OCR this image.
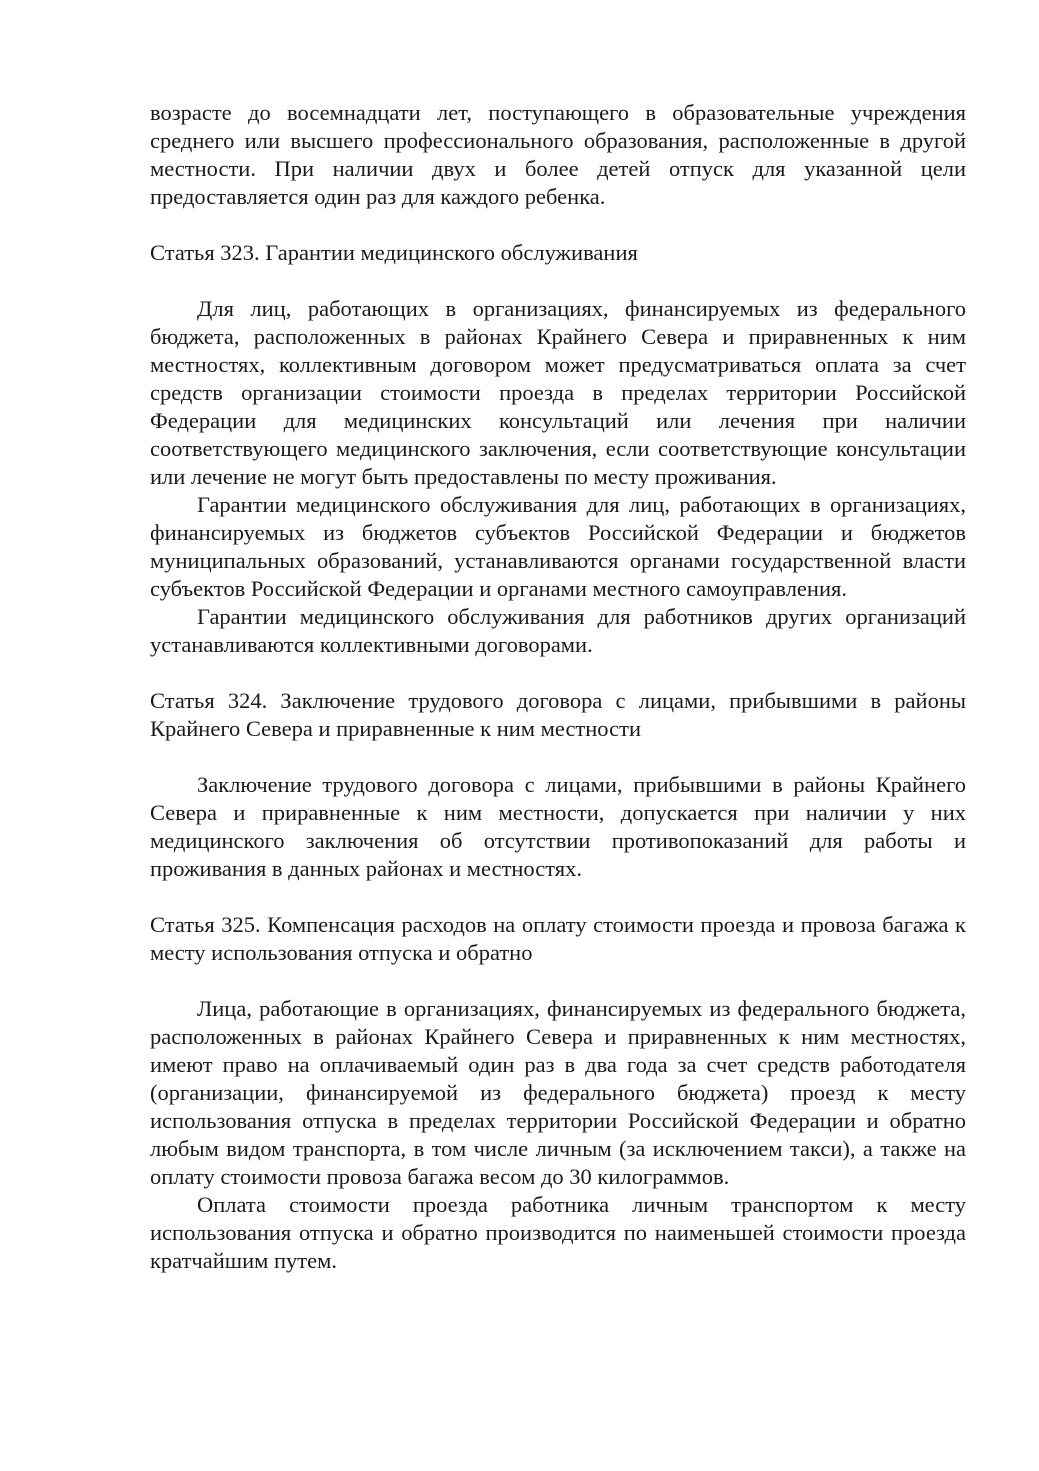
возрасте до восемнадцати лет, поступающего в образовательные учреждения среднего или высшего профессионального образования, расположенные в другой местности. При наличии двух и более детей отпуск для указанной цели предоставляется один раз для каждого ребенка.

Статья 323. Гарантии медицинского обслуживания

Для лиц, работающих в организациях, финансируемых из федерального бюджета, расположенных в районах Крайнего Севера и приравненных к ним местностях, коллективным договором может предусматриваться оплата за счет средств организации стоимости проезда в пределах территории Российской Федерации для медицинских консультаций или лечения при наличии соответствующего медицинского заключения, если соответствующие консультации или лечение не могут быть предоставлены по месту проживания.

Гарантии медицинского обслуживания для лиц, работающих в организациях, финансируемых из бюджетов субъектов Российской Федерации и бюджетов муниципальных образований, устанавливаются органами государственной власти субъектов Российской Федерации и органами местного самоуправления.

Гарантии медицинского обслуживания для работников других организаций устанавливаются коллективными договорами.

Статья 324. Заключение трудового договора с лицами, прибывшими в районы Крайнего Севера и приравненные к ним местности

Заключение трудового договора с лицами, прибывшими в районы Крайнего Севера и приравненные к ним местности, допускается при наличии у них медицинского заключения об отсутствии противопоказаний для работы и проживания в данных районах и местностях.

Статья 325. Компенсация расходов на оплату стоимости проезда и провоза багажа к месту использования отпуска и обратно

Лица, работающие в организациях, финансируемых из федерального бюджета, расположенных в районах Крайнего Севера и приравненных к ним местностях, имеют право на оплачиваемый один раз в два года за счет средств работодателя (организации, финансируемой из федерального бюджета) проезд к месту использования отпуска в пределах территории Российской Федерации и обратно любым видом транспорта, в том числе личным (за исключением такси), а также на оплату стоимости провоза багажа весом до 30 килограммов.

Оплата стоимости проезда работника личным транспортом к месту использования отпуска и обратно производится по наименьшей стоимости проезда кратчайшим путем.
